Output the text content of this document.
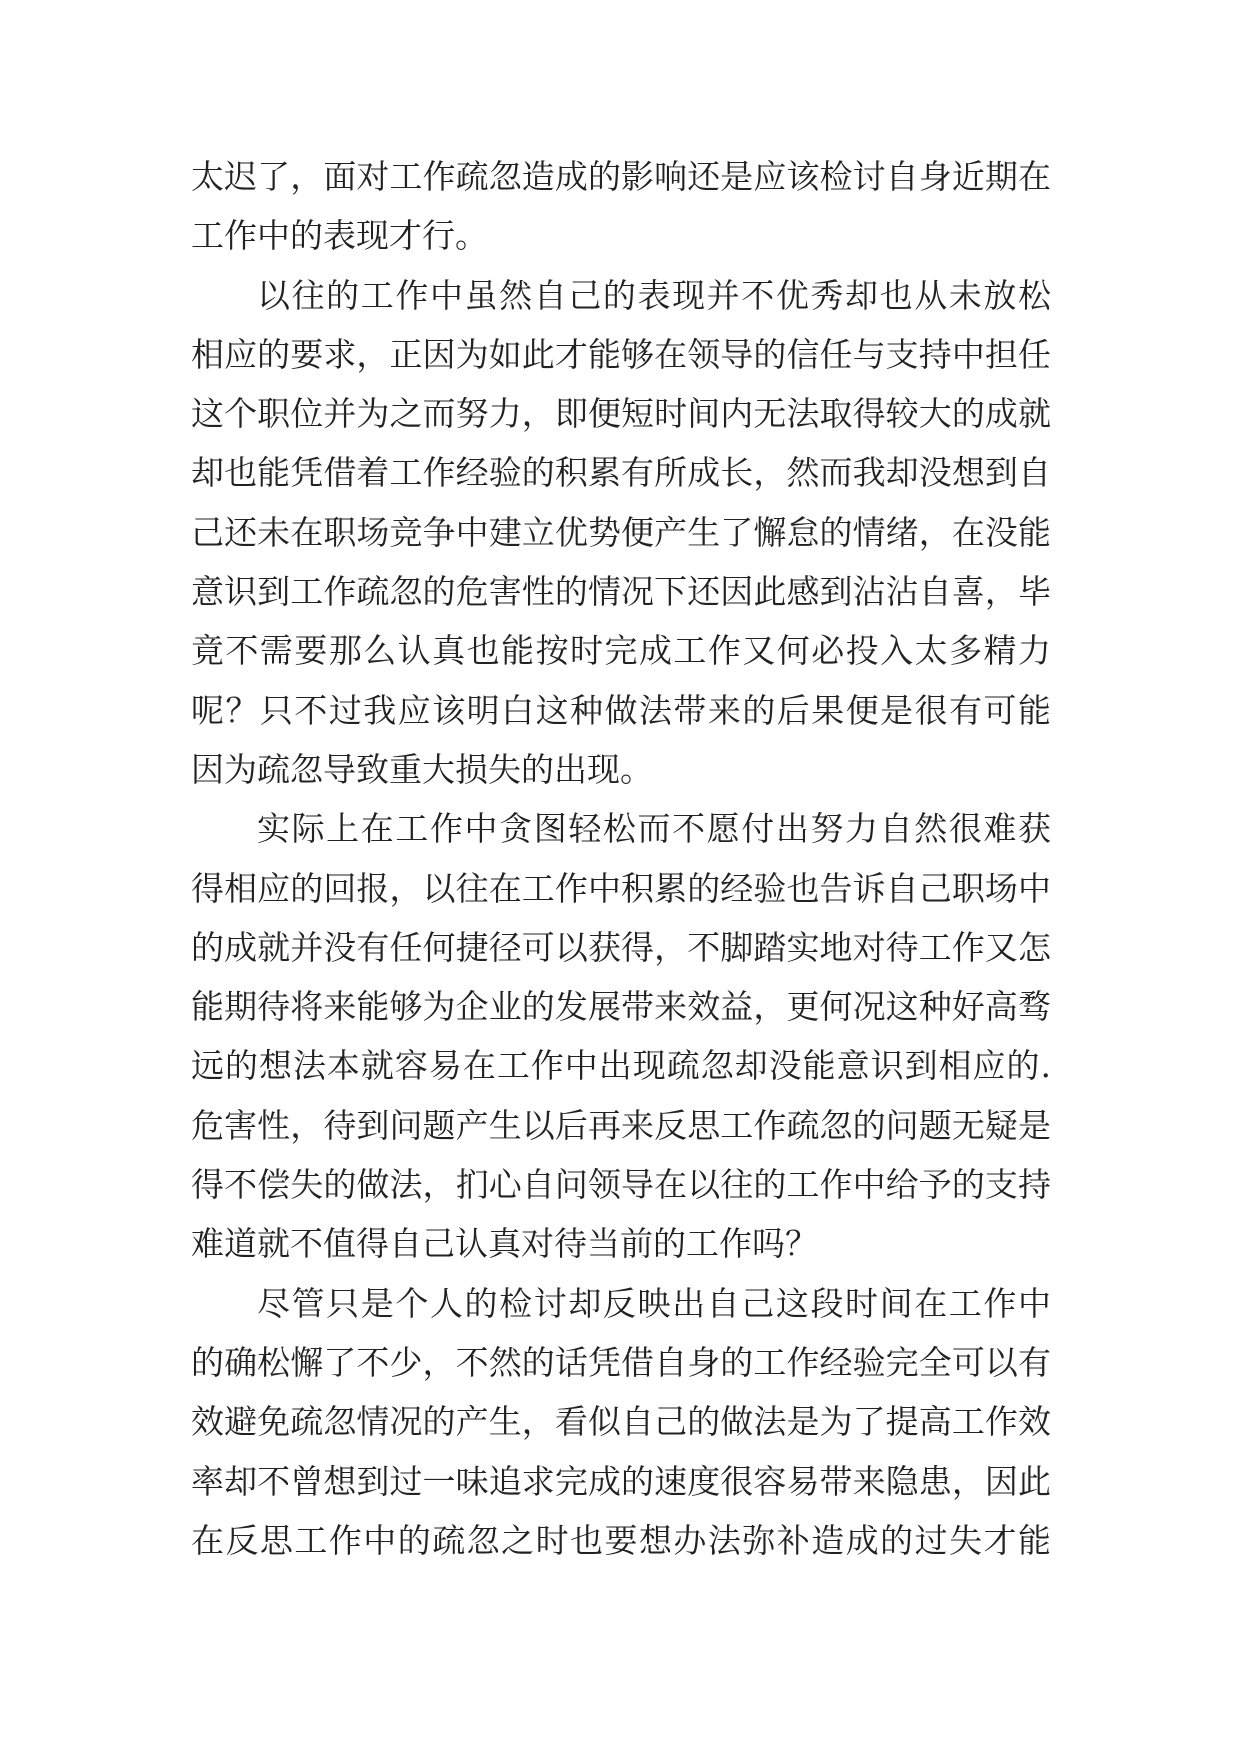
太迟了，面对工作疏忽造成的影响还是应该检讨自身近期在
工作中的表现才行。
以往的工作中虽然自己的表现并不优秀却也从未放松
相应的要求，正因为如此才能够在领导的信任与支持中担任
这个职位并为之而努力，即便短时间内无法取得较大的成就
却也能凭借着工作经验的积累有所成长，然而我却没想到自
己还未在职场竞争中建立优势便产生了懈怠的情绪，在没能
意识到工作疏忽的危害性的情况下还因此感到沾沾自喜，毕
竟不需要那么认真也能按时完成工作又何必投入太多精力
呢？只不过我应该明白这种做法带来的后果便是很有可能
因为疏忽导致重大损失的出现。
实际上在工作中贪图轻松而不愿付出努力自然很难获
得相应的回报，以往在工作中积累的经验也告诉自己职场中
的成就并没有任何捷径可以获得，不脚踏实地对待工作又怎
能期待将来能够为企业的发展带来效益，更何况这种好高骛
远的想法本就容易在工作中出现疏忽却没能意识到相应的.
危害性，待到问题产生以后再来反思工作疏忽的问题无疑是
得不偿失的做法，扪心自问领导在以往的工作中给予的支持
难道就不值得自己认真对待当前的工作吗？
尽管只是个人的检讨却反映出自己这段时间在工作中
的确松懈了不少，不然的话凭借自身的工作经验完全可以有
效避免疏忽情况的产生，看似自己的做法是为了提高工作效
率却不曾想到过一味追求完成的速度很容易带来隐患，因此
在反思工作中的疏忽之时也要想办法弥补造成的过失才能
